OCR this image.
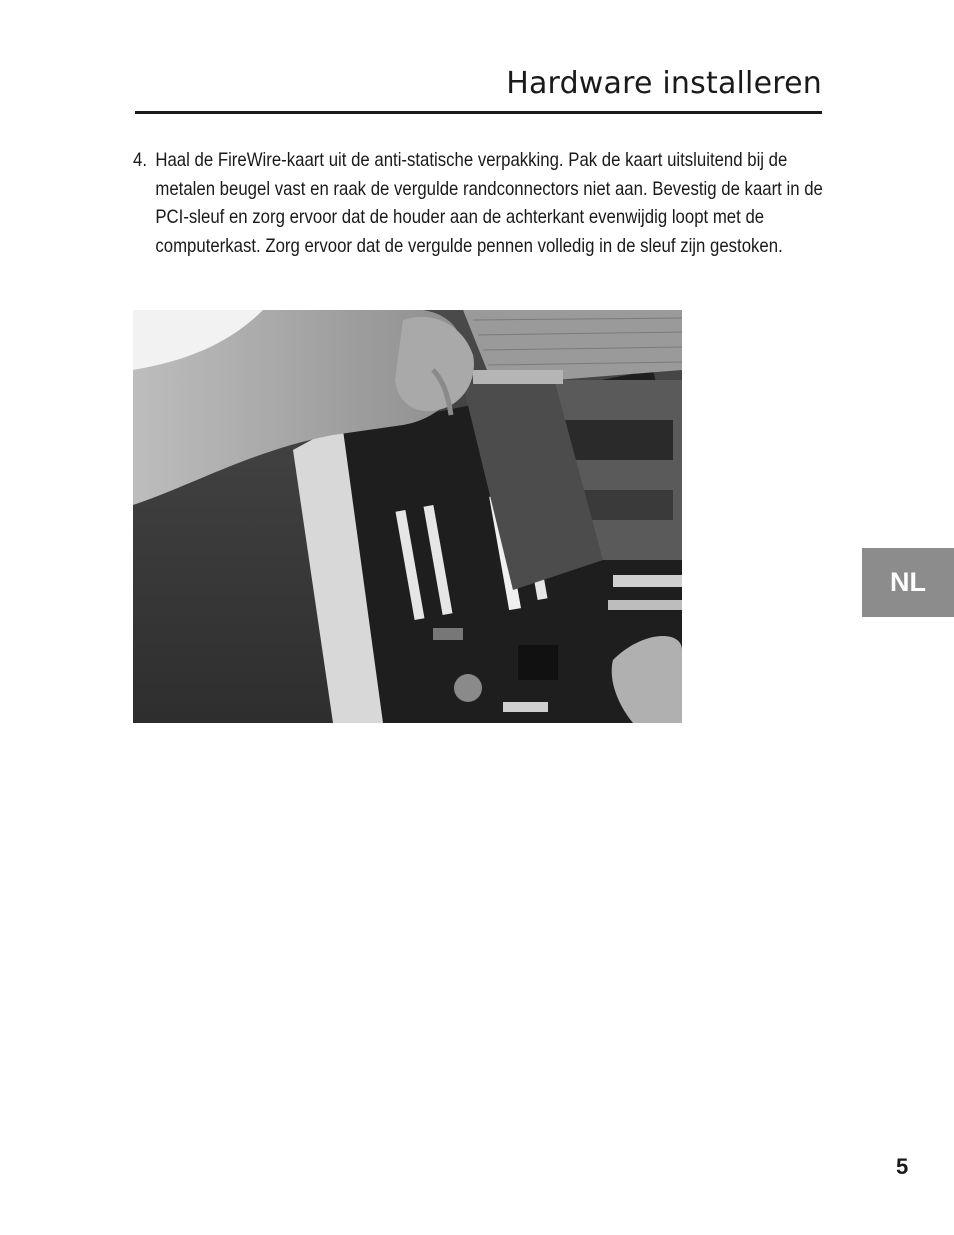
Hardware installeren
4. Haal de FireWire-kaart uit de anti-statische verpakking. Pak de kaart uitsluitend bij de metalen beugel vast en raak de vergulde randconnectors niet aan. Bevestig de kaart in de PCI-sleuf en zorg ervoor dat de houder aan de achterkant evenwijdig loopt met de computerkast. Zorg ervoor dat de vergulde pennen volledig in de sleuf zijn gestoken.
NL
5
